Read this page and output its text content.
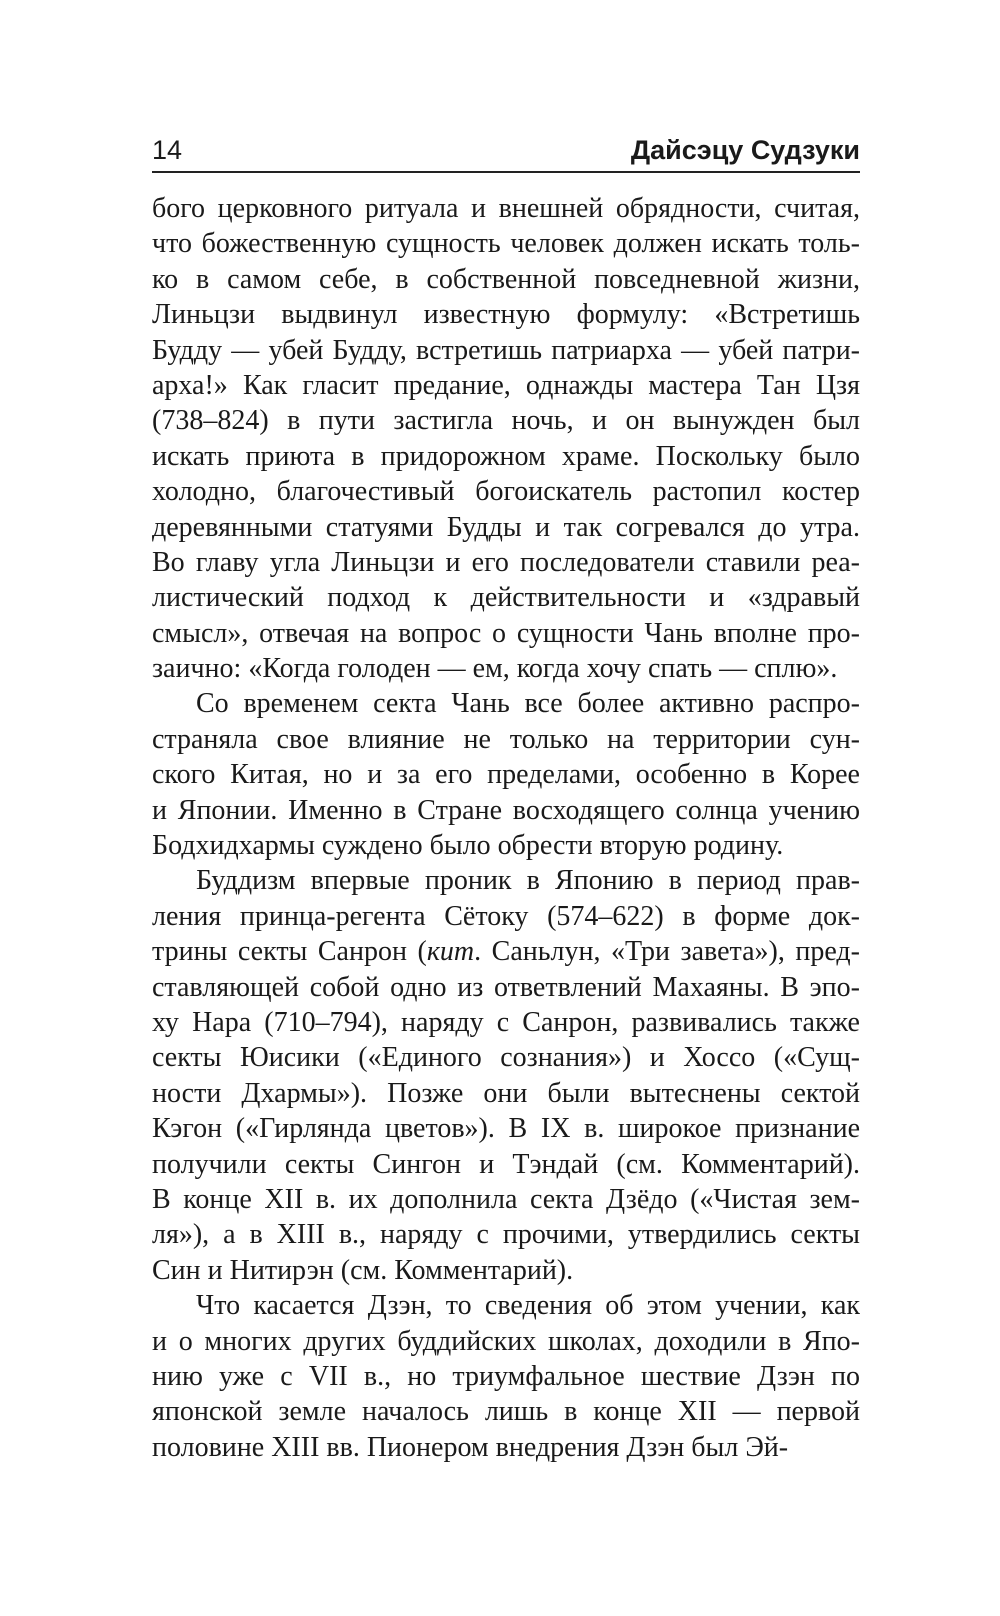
14	Дайсэцу Судзуки
бого церковного ритуала и внешней обрядности, считая,
что божественную сущность человек должен искать толь-
ко в самом себе, в собственной повседневной жизни,
Линьцзи выдвинул известную формулу: «Встретишь
Будду — убей Будду, встретишь патриарха — убей патри-
арха!» Как гласит предание, однажды мастера Тан Цзя
(738–824) в пути застигла ночь, и он вынужден был
искать приюта в придорожном храме. Поскольку было
холодно, благочестивый богоискатель растопил костер
деревянными статуями Будды и так согревался до утра.
Во главу угла Линьцзи и его последователи ставили реа-
листический подход к действительности и «здравый
смысл», отвечая на вопрос о сущности Чань вполне про-
заично: «Когда голоден — ем, когда хочу спать — сплю».
Со временем секта Чань все более активно распро-
страняла свое влияние не только на территории сун-
ского Китая, но и за его пределами, особенно в Корее
и Японии. Именно в Стране восходящего солнца учению
Бодхидхармы суждено было обрести вторую родину.
Буддизм впервые проник в Японию в период прав-
ления принца-регента Сётоку (574–622) в форме док-
трины секты Санрон (кит. Саньлун, «Три завета»), пред-
ставляющей собой одно из ответвлений Махаяны. В эпо-
ху Нара (710–794), наряду с Санрон, развивались также
секты Юисики («Единого сознания») и Хоссо («Сущ-
ности Дхармы»). Позже они были вытеснены сектой
Кэгон («Гирлянда цветов»). В IX в. широкое признание
получили секты Сингон и Тэндай (см. Комментарий).
В конце XII в. их дополнила секта Дзёдо («Чистая зем-
ля»), а в XIII в., наряду с прочими, утвердились секты
Син и Нитирэн (см. Комментарий).
Что касается Дзэн, то сведения об этом учении, как
и о многих других буддийских школах, доходили в Япо-
нию уже с VII в., но триумфальное шествие Дзэн по
японской земле началось лишь в конце XII — первой
половине XIII вв. Пионером внедрения Дзэн был Эй-
